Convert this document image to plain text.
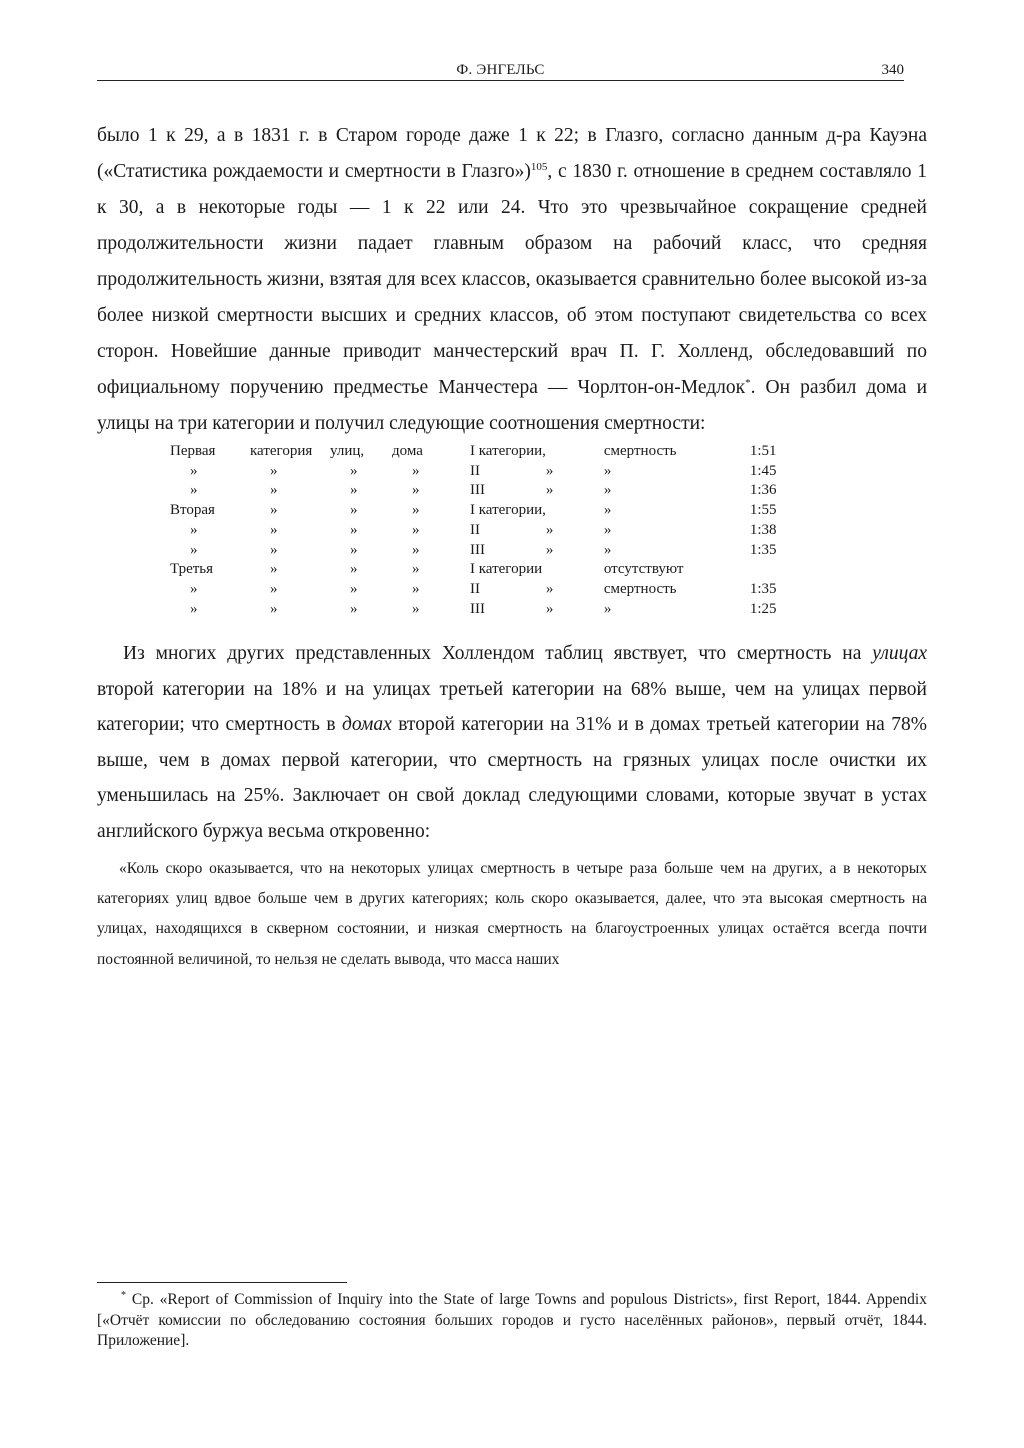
Ф. ЭНГЕЛЬС	340

было 1 к 29, а в 1831 г. в Старом городе даже 1 к 22; в Глазго, согласно данным д-ра Кауэна («Статистика рождаемости и смертности в Глазго»)$^{105}$, с 1830 г. отношение в среднем составляло 1 к 30, а в некоторые годы — 1 к 22 или 24. Что это чрезвычайное сокращение средней продолжительности жизни падает главным образом на рабочий класс, что средняя продолжительность жизни, взятая для всех классов, оказывается сравнительно более высокой из-за более низкой смертности высших и средних классов, об этом поступают свидетельства со всех сторон. Новейшие данные приводит манчестерский врач П. Г. Холленд, обследовавший по официальному поручению предместье Манчестера — Чорлтон-он-Медлок*. Он разбил дома и улицы на три категории и получил следующие соотношения смертности:

Первая	категория	улиц,	дома	I категории,		смертность	1:51
»	»	»	»	II	»	»	1:45
»	»	»	»	III	»	»	1:36
Вторая	»	»	»	I категории,		»	1:55
»	»	»	»	II	»	»	1:38
»	»	»	»	III	»	»	1:35
Третья	»	»	»	I категории		отсутствуют	
»	»	»	»	II	»	смертность	1:35
»	»	»	»	III	»	»	1:25

Из многих других представленных Холлендом таблиц явствует, что смертность на улицах второй категории на 18% и на улицах третьей категории на 68% выше, чем на улицах первой категории; что смертность в домах второй категории на 31% и в домах третьей категории на 78% выше, чем в домах первой категории, что смертность на грязных улицах после очистки их уменьшилась на 25%. Заключает он свой доклад следующими словами, которые звучат в устах английского буржуа весьма откровенно:

«Коль скоро оказывается, что на некоторых улицах смертность в четыре раза больше чем на других, а в некоторых категориях улиц вдвое больше чем в других категориях; коль скоро оказывается, далее, что эта высокая смертность на улицах, находящихся в скверном состоянии, и низкая смертность на благоустроенных улицах остаётся всегда почти постоянной величиной, то нельзя не сделать вывода, что масса наших

* Ср. «Report of Commission of Inquiry into the State of large Towns and populous Districts», first Report, 1844. Appendix [«Отчёт комиссии по обследованию состояния больших городов и густо населённых районов», первый отчёт, 1844. Приложение].
